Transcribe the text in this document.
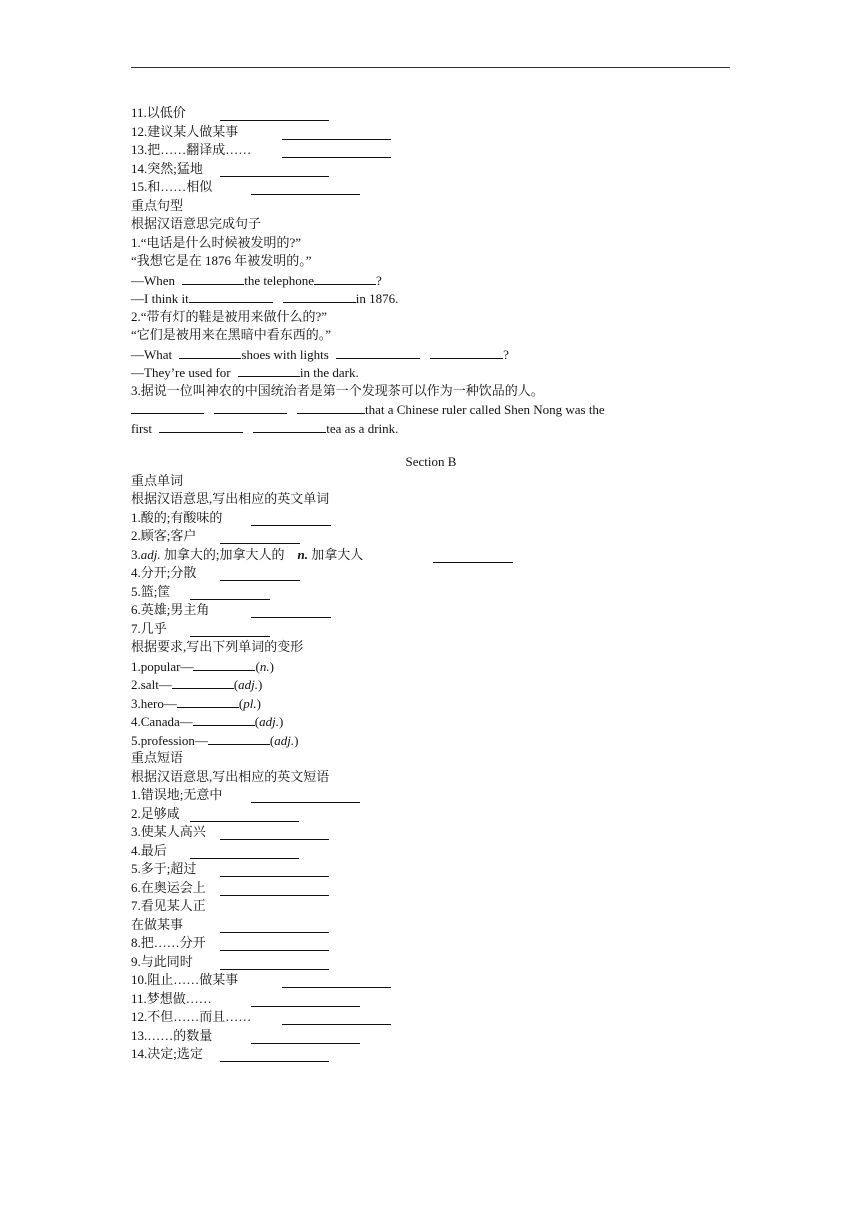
11.以低价
12.建议某人做某事
13.把……翻译成……
14.突然;猛地
15.和……相似
重点句型
根据汉语意思完成句子
1.“电话是什么时候被发明的?”
“我想它是在 1876 年被发明的。”
—When	the telephone	?
—I think it	in 1876.
2.“带有灯的鞋是被用来做什么的?”
“它们是被用来在黑暗中看东西的。”
—What	shoes with lights	?
—They’re used for	in the dark.
3.据说一位叫神农的中国统治者是第一个发现茶可以作为一种饮品的人。
that a Chinese ruler called Shen Nong was the
first	tea as a drink.
Section B
重点单词
根据汉语意思,写出相应的英文单词
1.酸的;有酸味的
2.顾客;客户
3.adj. 加拿大的;加拿大人的 n. 加拿大人
4.分开;分散
5.篮;筐
6.英雄;男主角
7.几乎
根据要求,写出下列单词的变形
1.popular—	(n.)
2.salt—	(adj.)
3.hero—	(pl.)
4.Canada—	(adj.)
5.profession—	(adj.)
重点短语
根据汉语意思,写出相应的英文短语
1.错误地;无意中
2.足够咸
3.使某人高兴
4.最后
5.多于;超过
6.在奥运会上
7.看见某人正
在做某事
8.把……分开
9.与此同时
10.阻止……做某事
11.梦想做……
12.不但……而且……
13.……的数量
14.决定;选定
